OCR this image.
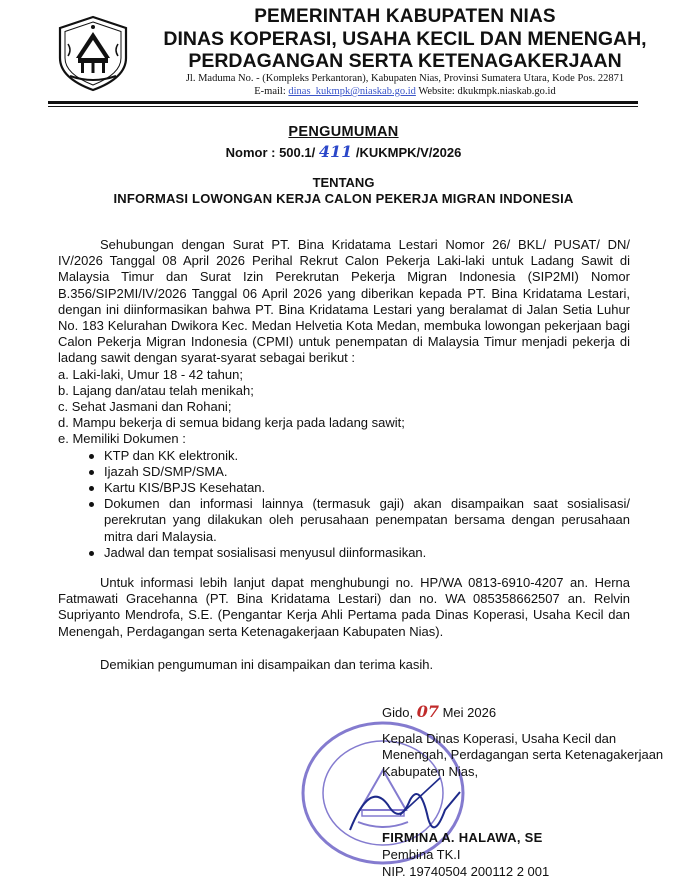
PEMERINTAH KABUPATEN NIAS
DINAS KOPERASI, USAHA KECIL DAN MENENGAH,
PERDAGANGAN SERTA KETENAGAKERJAAN
Jl. Maduma No. - (Kompleks Perkantoran), Kabupaten Nias, Provinsi Sumatera Utara, Kode Pos. 22871
E-mail: dinas_kukmpk@niaskab.go.id Website: dkukmpk.niaskab.go.id
PENGUMUMAN
Nomor : 500.1/ 411 /KUKMPK/V/2026
TENTANG
INFORMASI LOWONGAN KERJA CALON PEKERJA MIGRAN INDONESIA

Sehubungan dengan Surat PT. Bina Kridatama Lestari Nomor 26/ BKL/ PUSAT/ DN/ IV/2026 Tanggal 08 April 2026 Perihal Rekrut Calon Pekerja Laki-laki untuk Ladang Sawit di Malaysia Timur dan Surat Izin Perekrutan Pekerja Migran Indonesia (SIP2MI) Nomor B.356/SIP2MI/IV/2026 Tanggal 06 April 2026 yang diberikan kepada PT. Bina Kridatama Lestari, dengan ini diinformasikan bahwa PT. Bina Kridatama Lestari yang beralamat di Jalan Setia Luhur No. 183 Kelurahan Dwikora Kec. Medan Helvetia Kota Medan, membuka lowongan pekerjaan bagi Calon Pekerja Migran Indonesia (CPMI) untuk penempatan di Malaysia Timur menjadi pekerja di ladang sawit dengan syarat-syarat sebagai berikut :

a. Laki-laki, Umur 18 - 42 tahun;
b. Lajang dan/atau telah menikah;
c. Sehat Jasmani dan Rohani;
d. Mampu bekerja di semua bidang kerja pada ladang sawit;
e. Memiliki Dokumen :
KTP dan KK elektronik.
Ijazah SD/SMP/SMA.
Kartu KIS/BPJS Kesehatan.
Dokumen dan informasi lainnya (termasuk gaji) akan disampaikan saat sosialisasi/ perekrutan yang dilakukan oleh perusahaan penempatan bersama dengan perusahaan mitra dari Malaysia.
Jadwal dan tempat sosialisasi menyusul diinformasikan.

Untuk informasi lebih lanjut dapat menghubungi no. HP/WA 0813-6910-4207 an. Herna Fatmawati Gracehanna (PT. Bina Kridatama Lestari) dan no. WA 085358662507 an. Relvin Supriyanto Mendrofa, S.E. (Pengantar Kerja Ahli Pertama pada Dinas Koperasi, Usaha Kecil dan Menengah, Perdagangan serta Ketenagakerjaan Kabupaten Nias).

Demikian pengumuman ini disampaikan dan terima kasih.

Gido, 07 Mei 2026
Kepala Dinas Koperasi, Usaha Kecil dan Menengah, Perdagangan serta Ketenagakerjaan Kabupaten Nias,
FIRMINA A. HALAWA, SE
Pembina TK.I
NIP. 19740504 200112 2 001
